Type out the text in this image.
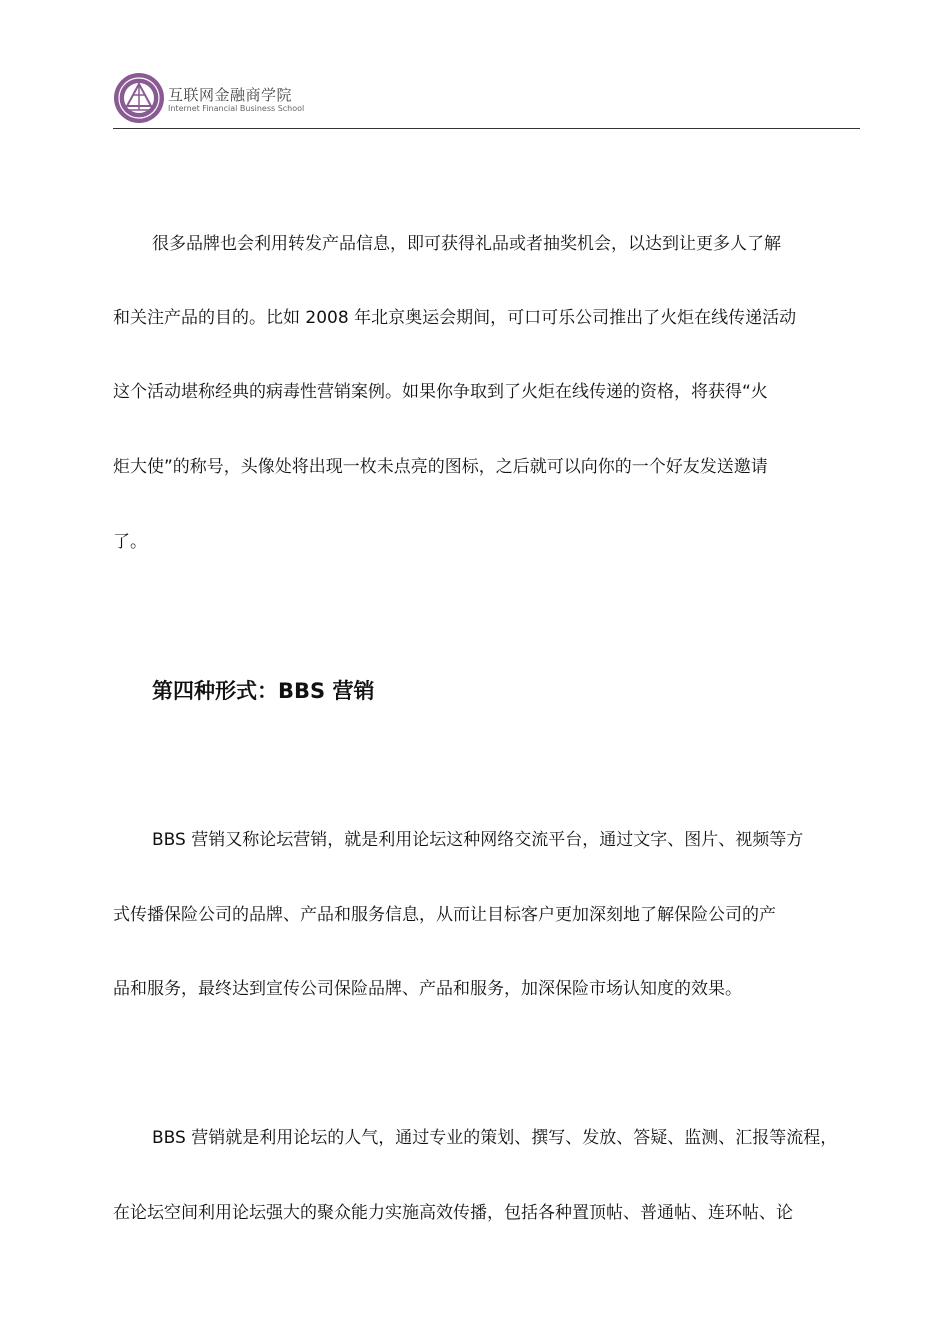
互联网金融商学院
Internet Financial Business School
很多品牌也会利用转发产品信息，即可获得礼品或者抽奖机会，以达到让更多人了解
和关注产品的目的。比如 2008 年北京奥运会期间，可口可乐公司推出了火炬在线传递活动
这个活动堪称经典的病毒性营销案例。如果你争取到了火炬在线传递的资格，将获得“火
炬大使”的称号，头像处将出现一枚未点亮的图标，之后就可以向你的一个好友发送邀请
了。
第四种形式：BBS 营销
BBS 营销又称论坛营销，就是利用论坛这种网络交流平台，通过文字、图片、视频等方
式传播保险公司的品牌、产品和服务信息，从而让目标客户更加深刻地了解保险公司的产
品和服务，最终达到宣传公司保险品牌、产品和服务，加深保险市场认知度的效果。
BBS 营销就是利用论坛的人气，通过专业的策划、撰写、发放、答疑、监测、汇报等流程，
在论坛空间利用论坛强大的聚众能力实施高效传播，包括各种置顶帖、普通帖、连环帖、论
